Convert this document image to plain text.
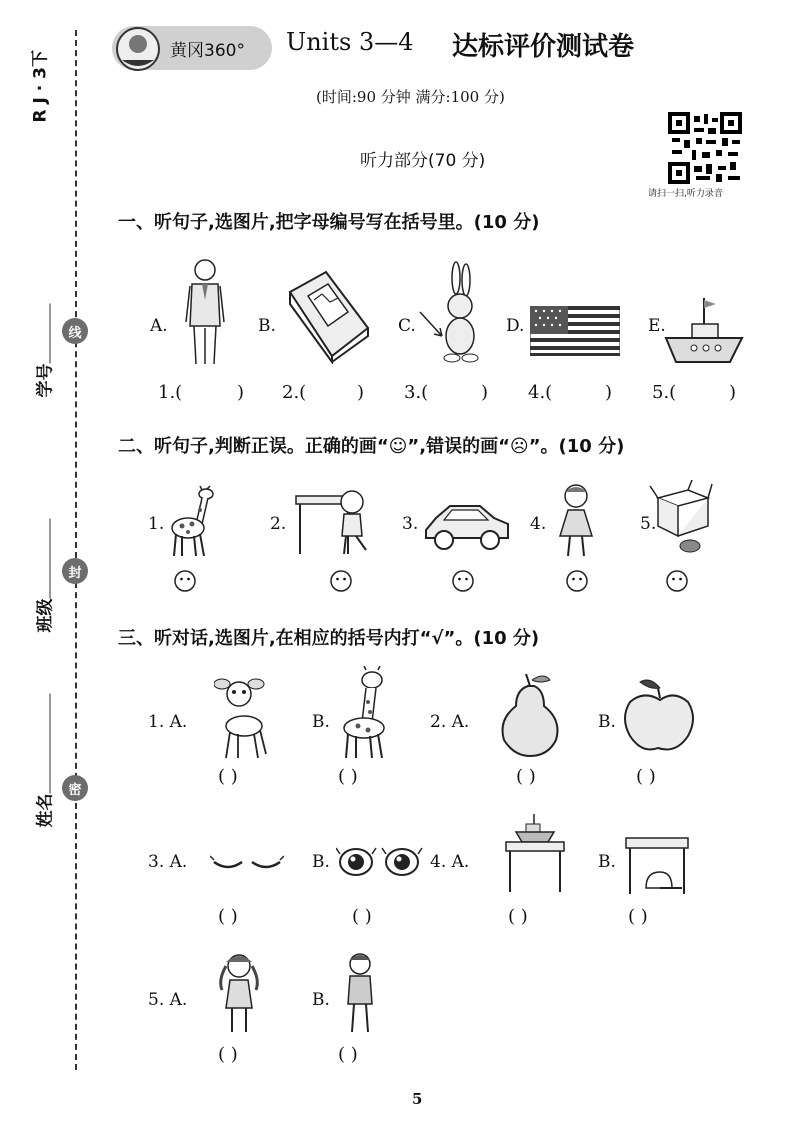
R J · 3下
学号
班级
姓名
线
封
密
黄冈360° Units 3—4 达标评价测试卷
(时间:90 分钟 满分:100 分)
听力部分(70 分)
请扫一扫,听力录音
一、听句子,选图片,把字母编号写在括号里。(10 分)
A.	B.	C.	D.	E.
1.(	) 2.(	) 3.(	) 4.(	) 5.(	)
二、听句子,判断正误。正确的画“☺”,错误的画“☹”。(10 分)
1.	2.	3.	4.	5.
三、听对话,选图片,在相应的括号内打“√”。(10 分)
1. A.	B.	2. A.	B.
( )	( )	( )	( )
3. A.	B.	4. A.	B.
( )	( )	( )	( )
5. A.	B.
( )	( )
5
